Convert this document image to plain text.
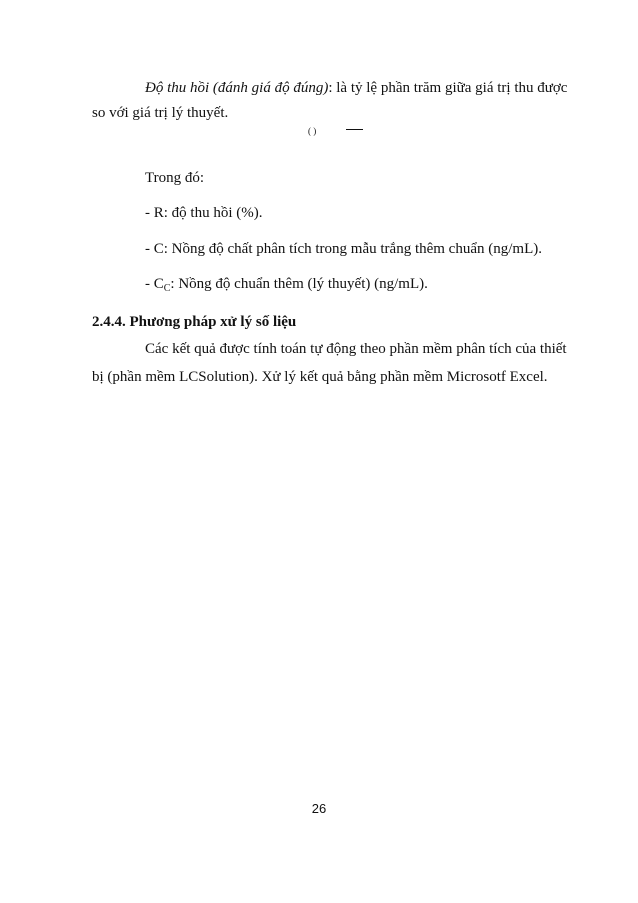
Độ thu hồi (đánh giá độ đúng): là tỷ lệ phần trăm giữa giá trị thu được
so với giá trị lý thuyết.
( )
Trong đó:
- R: độ thu hồi (%).
- C: Nồng độ chất phân tích trong mẫu trắng thêm chuẩn (ng/mL).
- $C_C$: Nồng độ chuẩn thêm (lý thuyết) (ng/mL).
2.4.4. Phương pháp xử lý số liệu
Các kết quả được tính toán tự động theo phần mềm phân tích của thiết
bị (phần mềm LCSolution). Xử lý kết quả bằng phần mềm Microsotf Excel.
26
